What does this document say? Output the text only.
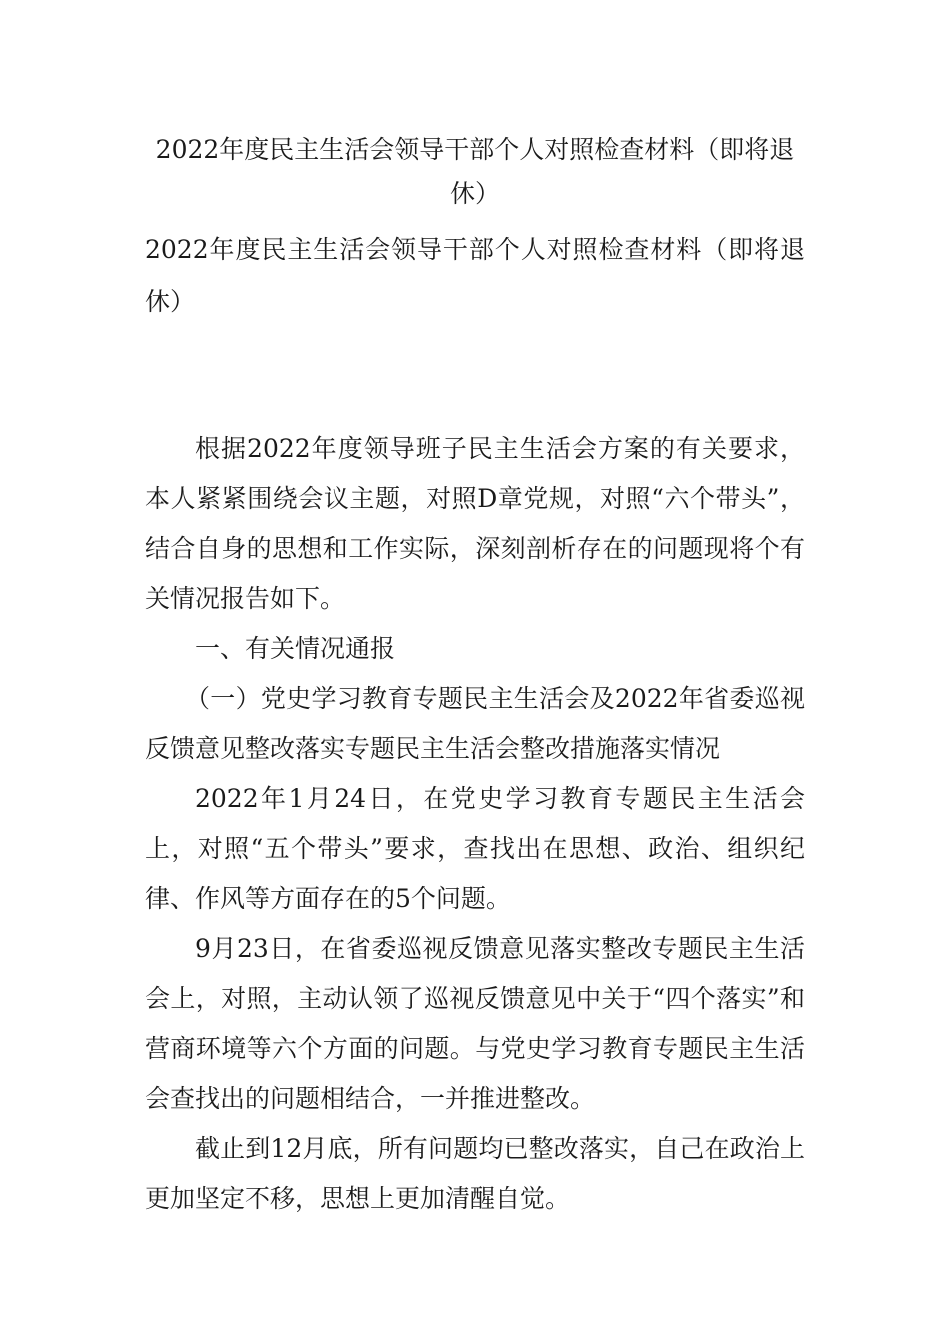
2022年度民主生活会领导干部个人对照检查材料（即将退休）

2022年度民主生活会领导干部个人对照检查材料（即将退休）

根据2022年度领导班子民主生活会方案的有关要求，本人紧紧围绕会议主题，对照D章党规，对照“六个带头”，结合自身的思想和工作实际，深刻剖析存在的问题现将个有关情况报告如下。

一、有关情况通报

（一）党史学习教育专题民主生活会及2022年省委巡视反馈意见整改落实专题民主生活会整改措施落实情况

2022年1月24日，在党史学习教育专题民主生活会上，对照“五个带头”要求，查找出在思想、政治、组织纪律、作风等方面存在的5个问题。

9月23日，在省委巡视反馈意见落实整改专题民主生活会上，对照，主动认领了巡视反馈意见中关于“四个落实”和营商环境等六个方面的问题。与党史学习教育专题民主生活会查找出的问题相结合，一并推进整改。

截止到12月底，所有问题均已整改落实，自己在政治上更加坚定不移，思想上更加清醒自觉。
